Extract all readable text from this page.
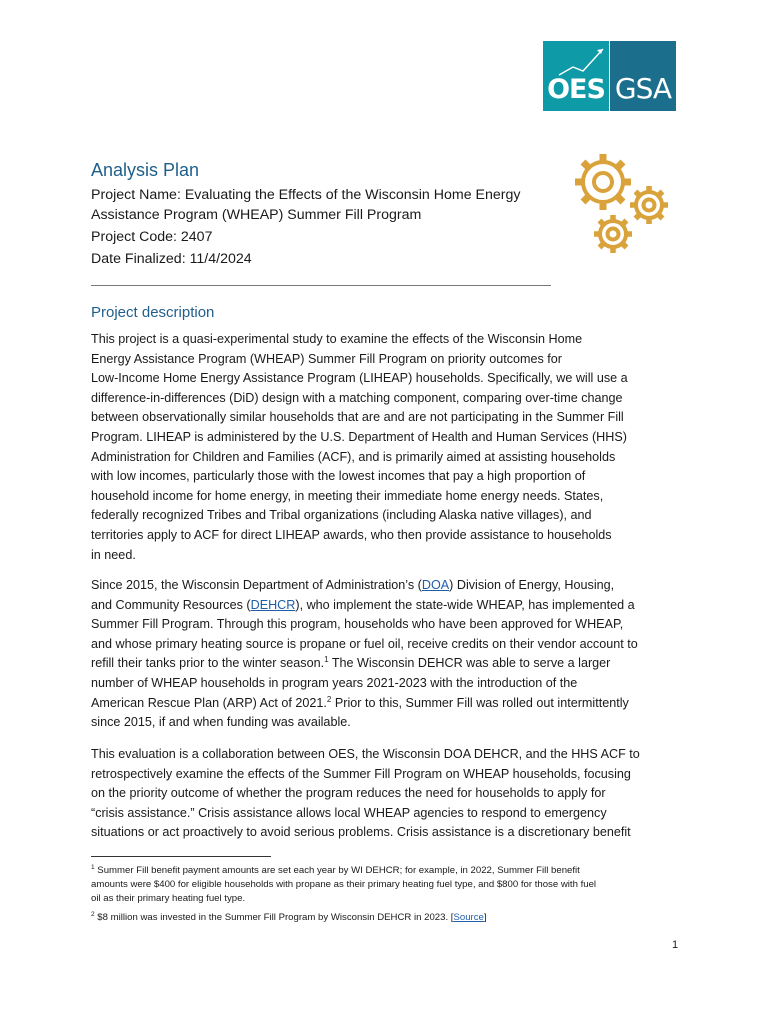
OES GSA
Analysis Plan
Project Name: Evaluating the Effects of the Wisconsin Home Energy
Assistance Program (WHEAP) Summer Fill Program
Project Code: 2407
Date Finalized: 11/4/2024
Project description
This project is a quasi-experimental study to examine the effects of the Wisconsin Home
Energy Assistance Program (WHEAP) Summer Fill Program on priority outcomes for
Low-Income Home Energy Assistance Program (LIHEAP) households. Specifically, we will use a
difference-in-differences (DiD) design with a matching component, comparing over-time change
between observationally similar households that are and are not participating in the Summer Fill
Program. LIHEAP is administered by the U.S. Department of Health and Human Services (HHS)
Administration for Children and Families (ACF), and is primarily aimed at assisting households
with low incomes, particularly those with the lowest incomes that pay a high proportion of
household income for home energy, in meeting their immediate home energy needs. States,
federally recognized Tribes and Tribal organizations (including Alaska native villages), and
territories apply to ACF for direct LIHEAP awards, who then provide assistance to households
in need.
Since 2015, the Wisconsin Department of Administration’s (DOA) Division of Energy, Housing,
and Community Resources (DEHCR), who implement the state-wide WHEAP, has implemented a
Summer Fill Program. Through this program, households who have been approved for WHEAP,
and whose primary heating source is propane or fuel oil, receive credits on their vendor account to
refill their tanks prior to the winter season.$^1$ The Wisconsin DEHCR was able to serve a larger
number of WHEAP households in program years 2021-2023 with the introduction of the
American Rescue Plan (ARP) Act of 2021.$^2$ Prior to this, Summer Fill was rolled out intermittently
since 2015, if and when funding was available.
This evaluation is a collaboration between OES, the Wisconsin DOA DEHCR, and the HHS ACF to
retrospectively examine the effects of the Summer Fill Program on WHEAP households, focusing
on the priority outcome of whether the program reduces the need for households to apply for
“crisis assistance.” Crisis assistance allows local WHEAP agencies to respond to emergency
situations or act proactively to avoid serious problems. Crisis assistance is a discretionary benefit
$^1$ Summer Fill benefit payment amounts are set each year by WI DEHCR; for example, in 2022, Summer Fill benefit
amounts were $400 for eligible households with propane as their primary heating fuel type, and $800 for those with fuel
oil as their primary heating fuel type.
$^2$ $8 million was invested in the Summer Fill Program by Wisconsin DEHCR in 2023. [Source]
1
